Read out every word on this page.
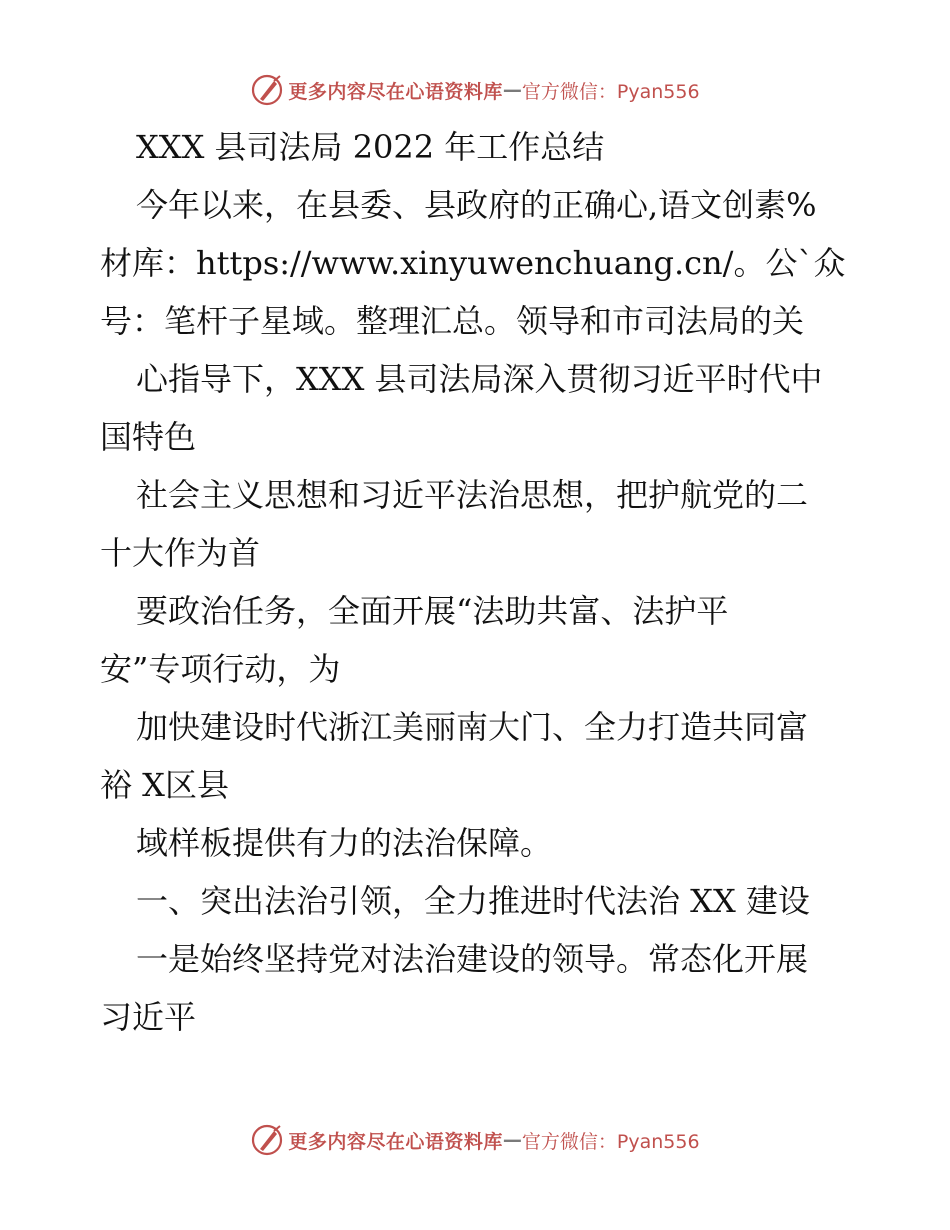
更多内容尽在心语资料库 — 官方微信：Pyan556

XXX 县司法局 2022 年工作总结

今年以来，在县委、县政府的正确心,语文创素%

材库：https://www.xinyuwenchuang.cn/。公`众

号：笔杆子星域。整理汇总。领导和市司法局的关

心指导下，XXX 县司法局深入贯彻习近平时代中

国特色

社会主义思想和习近平法治思想，把护航党的二

十大作为首

要政治任务，全面开展“法助共富、法护平

安”专项行动，为

加快建设时代浙江美丽南大门、全力打造共同富

裕 X区县

域样板提供有力的法治保障。

一、突出法治引领，全力推进时代法治 XX 建设

一是始终坚持党对法治建设的领导。常态化开展

习近平

更多内容尽在心语资料库 — 官方微信：Pyan556
